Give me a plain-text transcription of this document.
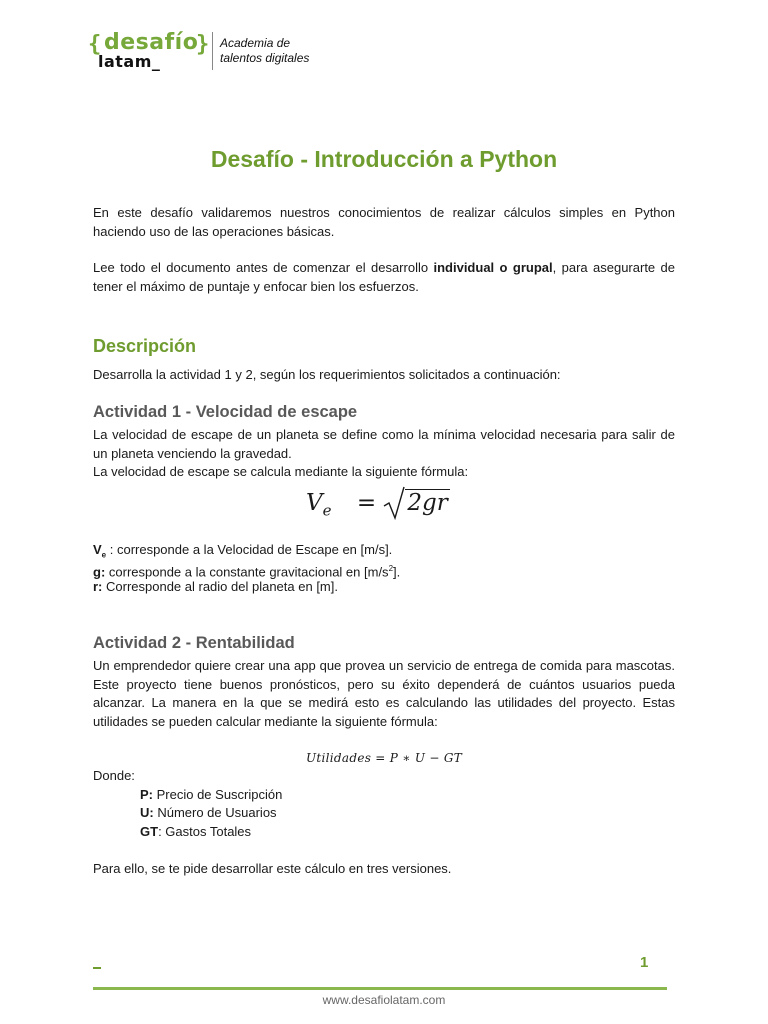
{ desafío
}
latam_
Academia de
talentos digitales
Desafío - Introducción a Python
En este desafío validaremos nuestros conocimientos de realizar cálculos simples en Python haciendo uso de las operaciones básicas.
Lee todo el documento antes de comenzar el desarrollo individual o grupal, para asegurarte de tener el máximo de puntaje y enfocar bien los esfuerzos.
Descripción
Desarrolla la actividad 1 y 2, según los requerimientos solicitados a continuación:
Actividad 1 - Velocidad de escape
La velocidad de escape de un planeta se define como la mínima velocidad necesaria para salir de un planeta venciendo la gravedad.
La velocidad de escape se calcula mediante la siguiente fórmula:
$V_e = 2gr$
$V_e$ : corresponde a la Velocidad de Escape en [m/s].
g: corresponde a la constante gravitacional en $[m/s^2]$.
r: Corresponde al radio del planeta en [m].
Actividad 2 - Rentabilidad
Un emprendedor quiere crear una app que provea un servicio de entrega de comida para mascotas. Este proyecto tiene buenos pronósticos, pero su éxito dependerá de cuántos usuarios pueda alcanzar. La manera en la que se medirá esto es calculando las utilidades del proyecto. Estas utilidades se pueden calcular mediante la siguiente fórmula:
Utilidades = P ∗ U − GT
Donde:
P: Precio de Suscripción
U: Número de Usuarios
GT: Gastos Totales
Para ello, se te pide desarrollar este cálculo en tres versiones.
1
www.desafiolatam.com
